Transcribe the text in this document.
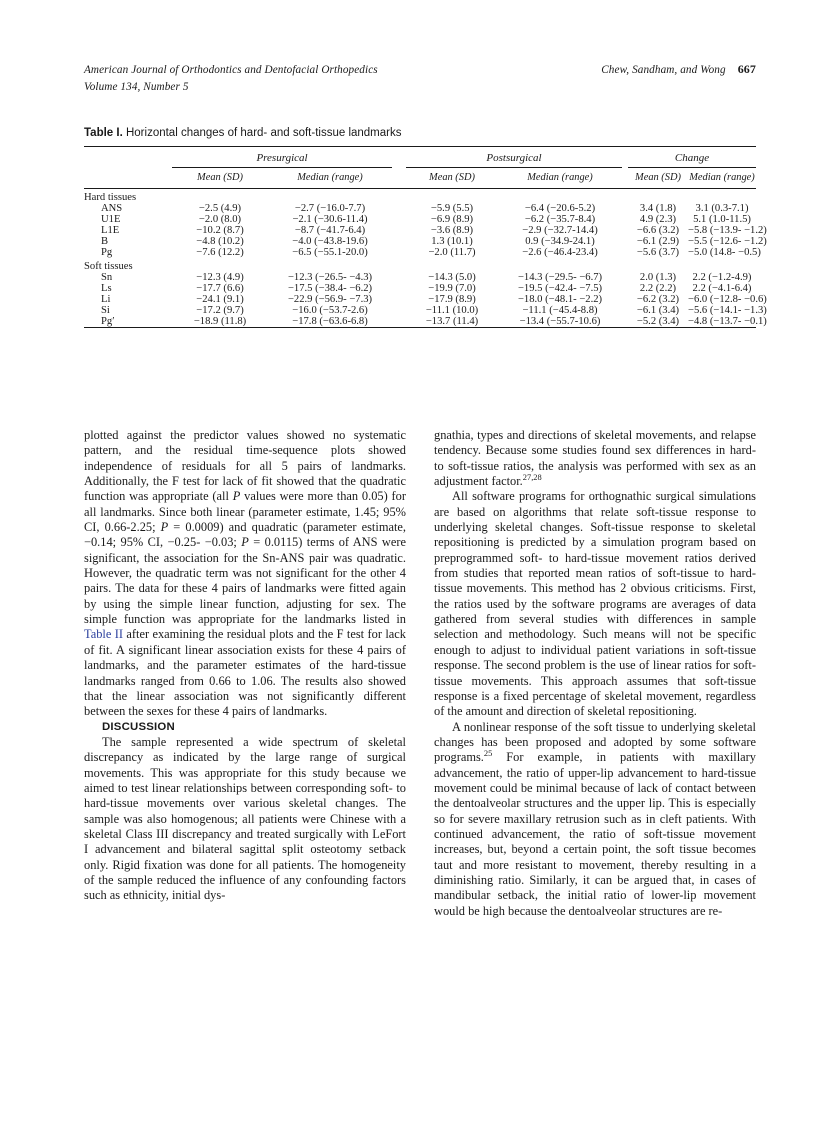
American Journal of Orthodontics and Dentofacial Orthopedics	Chew, Sandham, and Wong 667
Volume 134, Number 5
Table I. Horizontal changes of hard- and soft-tissue landmarks

	Presurgical			Postsurgical			Change	
	Mean (SD)	Median (range)		Mean (SD)	Median (range)		Mean (SD)	Median (range)

Hard tissues								
ANS	−2.5 (4.9)	−2.7 (−16.0-7.7)		−5.9 (5.5)	−6.4 (−20.6-5.2)		3.4 (1.8)	3.1 (0.3-7.1)
U1E	−2.0 (8.0)	−2.1 (−30.6-11.4)		−6.9 (8.9)	−6.2 (−35.7-8.4)		4.9 (2.3)	5.1 (1.0-11.5)
L1E	−10.2 (8.7)	−8.7 (−41.7-6.4)		−3.6 (8.9)	−2.9 (−32.7-14.4)		−6.6 (3.2)	−5.8 (−13.9- −1.2)
B	−4.8 (10.2)	−4.0 (−43.8-19.6)		1.3 (10.1)	0.9 (−34.9-24.1)		−6.1 (2.9)	−5.5 (−12.6- −1.2)
Pg	−7.6 (12.2)	−6.5 (−55.1-20.0)		−2.0 (11.7)	−2.6 (−46.4-23.4)		−5.6 (3.7)	−5.0 (14.8- −0.5)
Soft tissues								
Sn	−12.3 (4.9)	−12.3 (−26.5- −4.3)		−14.3 (5.0)	−14.3 (−29.5- −6.7)		2.0 (1.3)	2.2 (−1.2-4.9)
Ls	−17.7 (6.6)	−17.5 (−38.4- −6.2)		−19.9 (7.0)	−19.5 (−42.4- −7.5)		2.2 (2.2)	2.2 (−4.1-6.4)
Li	−24.1 (9.1)	−22.9 (−56.9- −7.3)		−17.9 (8.9)	−18.0 (−48.1- −2.2)		−6.2 (3.2)	−6.0 (−12.8- −0.6)
Si	−17.2 (9.7)	−16.0 (−53.7-2.6)		−11.1 (10.0)	−11.1 (−45.4-8.8)		−6.1 (3.4)	−5.6 (−14.1- −1.3)
Pg′	−18.9 (11.8)	−17.8 (−63.6-6.8)		−13.7 (11.4)	−13.4 (−55.7-10.6)		−5.2 (3.4)	−4.8 (−13.7- −0.1)

plotted against the predictor values showed no systematic pattern, and the residual time-sequence plots showed independence of residuals for all 5 pairs of landmarks. Additionally, the F test for lack of fit showed that the quadratic function was appropriate (all P values were more than 0.05) for all landmarks. Since both linear (parameter estimate, 1.45; 95% CI, 0.66-2.25; P = 0.0009) and quadratic (parameter estimate, −0.14; 95% CI, −0.25- −0.03; P = 0.0115) terms of ANS were significant, the association for the Sn-ANS pair was quadratic. However, the quadratic term was not significant for the other 4 pairs. The data for these 4 pairs of landmarks were fitted again by using the simple linear function, adjusting for sex. The simple function was appropriate for the landmarks listed in Table II after examining the residual plots and the F test for lack of fit. A significant linear association exists for these 4 pairs of landmarks, and the parameter estimates of the hard-tissue landmarks ranged from 0.66 to 1.06. The results also showed that the linear association was not significantly different between the sexes for these 4 pairs of landmarks.

DISCUSSION

The sample represented a wide spectrum of skeletal discrepancy as indicated by the large range of surgical movements. This was appropriate for this study because we aimed to test linear relationships between corresponding soft- to hard-tissue movements over various skeletal changes. The sample was also homogenous; all patients were Chinese with a skeletal Class III discrepancy and treated surgically with LeFort I advancement and bilateral sagittal split osteotomy setback only. Rigid fixation was done for all patients. The homogeneity of the sample reduced the influence of any confounding factors such as ethnicity, initial dys-

gnathia, types and directions of skeletal movements, and relapse tendency. Because some studies found sex differences in hard- to soft-tissue ratios, the analysis was performed with sex as an adjustment factor.$^{27,28}$

All software programs for orthognathic surgical simulations are based on algorithms that relate soft-tissue response to underlying skeletal changes. Soft-tissue response to skeletal repositioning is predicted by a simulation program based on preprogrammed soft- to hard-tissue movement ratios derived from studies that reported mean ratios of soft-tissue to hard-tissue movements. This method has 2 obvious criticisms. First, the ratios used by the software programs are averages of data gathered from several studies with differences in sample selection and methodology. Such means will not be specific enough to adjust to individual patient variations in soft-tissue response. The second problem is the use of linear ratios for soft-tissue movements. This approach assumes that soft-tissue response is a fixed percentage of skeletal movement, regardless of the amount and direction of skeletal repositioning.

A nonlinear response of the soft tissue to underlying skeletal changes has been proposed and adopted by some software programs.$^{25}$ For example, in patients with maxillary advancement, the ratio of upper-lip advancement to hard-tissue movement could be minimal because of lack of contact between the dentoalveolar structures and the upper lip. This is especially so for severe maxillary retrusion such as in cleft patients. With continued advancement, the ratio of soft-tissue movement increases, but, beyond a certain point, the soft tissue becomes taut and more resistant to movement, thereby resulting in a diminishing ratio. Similarly, it can be argued that, in cases of mandibular setback, the initial ratio of lower-lip movement would be high because the dentoalveolar structures are re-
